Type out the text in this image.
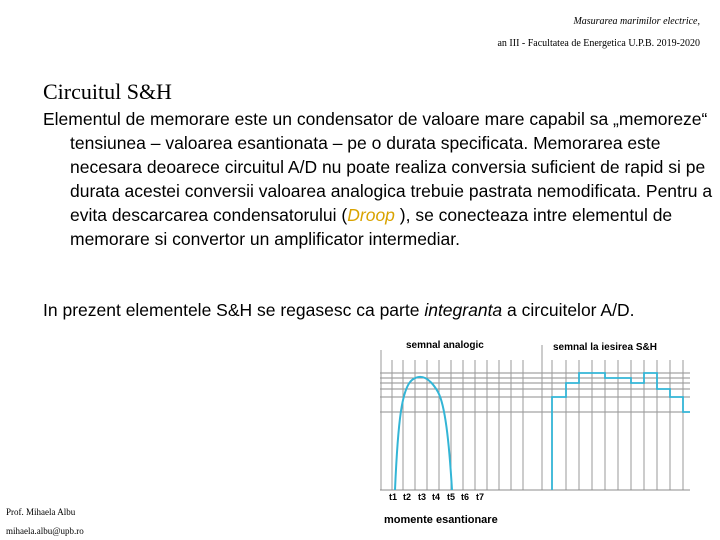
Masurarea marimilor electrice,
an III - Facultatea de Energetica U.P.B. 2019-2020
Circuitul S&H

Elementul de memorare este un condensator de valoare mare capabil sa „memoreze“ tensiunea – valoarea esantionata – pe o durata specificata. Memorarea este necesara deoarece circuitul A/D nu poate realiza conversia suficient de rapid si pe durata acestei conversii valoarea analogica trebuie pastrata nemodificata. Pentru a evita descarcarea condensatorului (Droop ), se conecteaza intre elementul de memorare si convertor un amplificator intermediar.

In prezent elementele S&H se regasesc ca parte integranta a circuitelor A/D.

semnal analogic	semnal la iesirea S&H
momente esantionare
t1 t2 t3 t4 t5 t6 t7
Prof. Mihaela Albu
mihaela.albu@upb.ro
